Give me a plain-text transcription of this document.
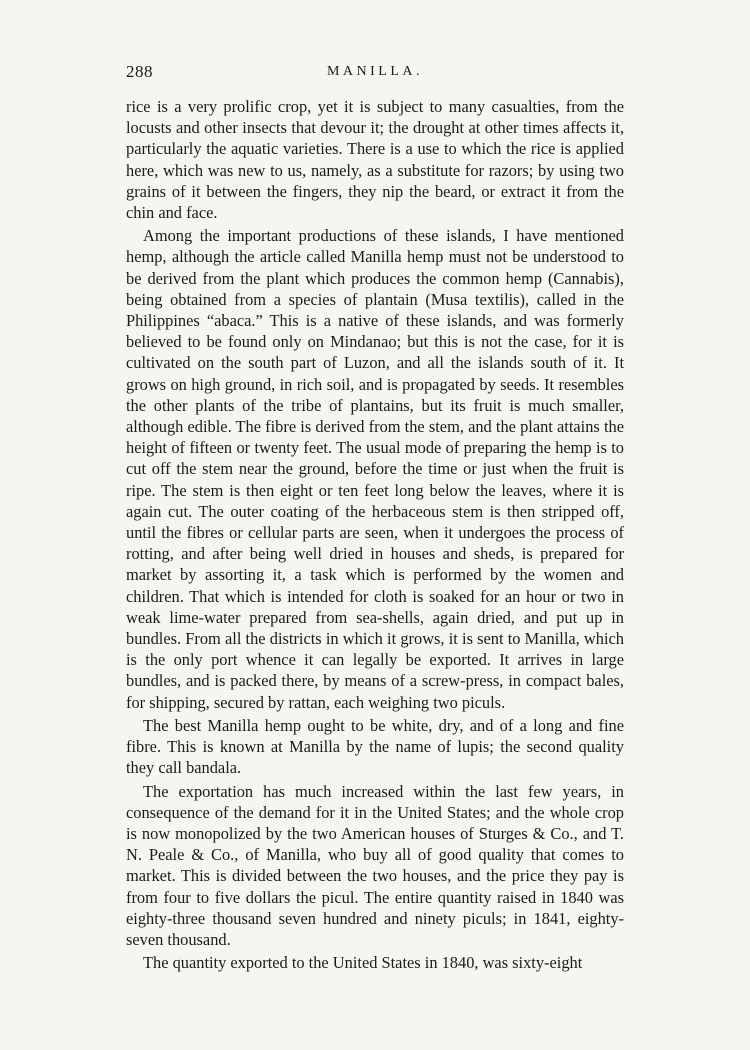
288	MANILLA.

rice is a very prolific crop, yet it is subject to many casualties, from the locusts and other insects that devour it; the drought at other times affects it, particularly the aquatic varieties. There is a use to which the rice is applied here, which was new to us, namely, as a substitute for razors; by using two grains of it between the fingers, they nip the beard, or extract it from the chin and face.

Among the important productions of these islands, I have mentioned hemp, although the article called Manilla hemp must not be understood to be derived from the plant which produces the common hemp (Cannabis), being obtained from a species of plantain (Musa textilis), called in the Philippines “abaca.” This is a native of these islands, and was formerly believed to be found only on Mindanao; but this is not the case, for it is cultivated on the south part of Luzon, and all the islands south of it. It grows on high ground, in rich soil, and is propagated by seeds. It resembles the other plants of the tribe of plantains, but its fruit is much smaller, although edible. The fibre is derived from the stem, and the plant attains the height of fifteen or twenty feet. The usual mode of preparing the hemp is to cut off the stem near the ground, before the time or just when the fruit is ripe. The stem is then eight or ten feet long below the leaves, where it is again cut. The outer coating of the herbaceous stem is then stripped off, until the fibres or cellular parts are seen, when it undergoes the process of rotting, and after being well dried in houses and sheds, is prepared for market by assorting it, a task which is performed by the women and children. That which is intended for cloth is soaked for an hour or two in weak lime-water prepared from sea-shells, again dried, and put up in bundles. From all the districts in which it grows, it is sent to Manilla, which is the only port whence it can legally be exported. It arrives in large bundles, and is packed there, by means of a screw-press, in compact bales, for shipping, secured by rattan, each weighing two piculs.

The best Manilla hemp ought to be white, dry, and of a long and fine fibre. This is known at Manilla by the name of lupis; the second quality they call bandala.

The exportation has much increased within the last few years, in consequence of the demand for it in the United States; and the whole crop is now monopolized by the two American houses of Sturges & Co., and T. N. Peale & Co., of Manilla, who buy all of good quality that comes to market. This is divided between the two houses, and the price they pay is from four to five dollars the picul. The entire quantity raised in 1840 was eighty-three thousand seven hundred and ninety piculs; in 1841, eighty-seven thousand.

The quantity exported to the United States in 1840, was sixty-eight
